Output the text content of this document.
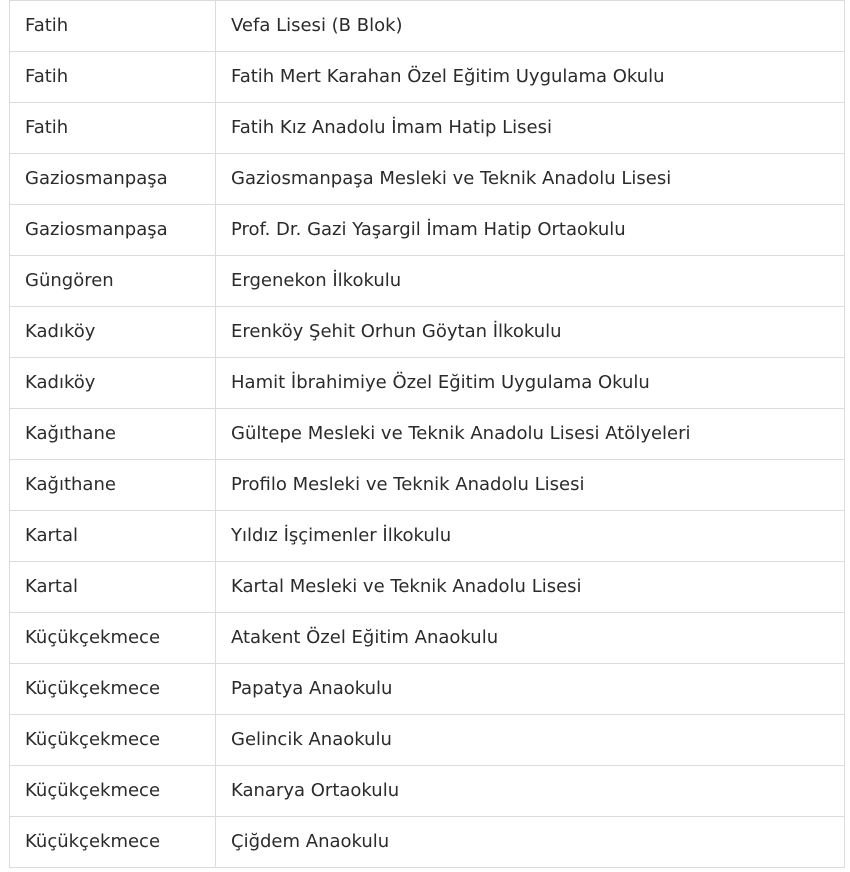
Fatih	Vefa Lisesi (B Blok)
Fatih	Fatih Mert Karahan Özel Eğitim Uygulama Okulu
Fatih	Fatih Kız Anadolu İmam Hatip Lisesi
Gaziosmanpaşa	Gaziosmanpaşa Mesleki ve Teknik Anadolu Lisesi
Gaziosmanpaşa	Prof. Dr. Gazi Yaşargil İmam Hatip Ortaokulu
Güngören	Ergenekon İlkokulu
Kadıköy	Erenköy Şehit Orhun Göytan İlkokulu
Kadıköy	Hamit İbrahimiye Özel Eğitim Uygulama Okulu
Kağıthane	Gültepe Mesleki ve Teknik Anadolu Lisesi Atölyeleri
Kağıthane	Profilo Mesleki ve Teknik Anadolu Lisesi
Kartal	Yıldız İşçimenler İlkokulu
Kartal	Kartal Mesleki ve Teknik Anadolu Lisesi
Küçükçekmece	Atakent Özel Eğitim Anaokulu
Küçükçekmece	Papatya Anaokulu
Küçükçekmece	Gelincik Anaokulu
Küçükçekmece	Kanarya Ortaokulu
Küçükçekmece	Çiğdem Anaokulu
